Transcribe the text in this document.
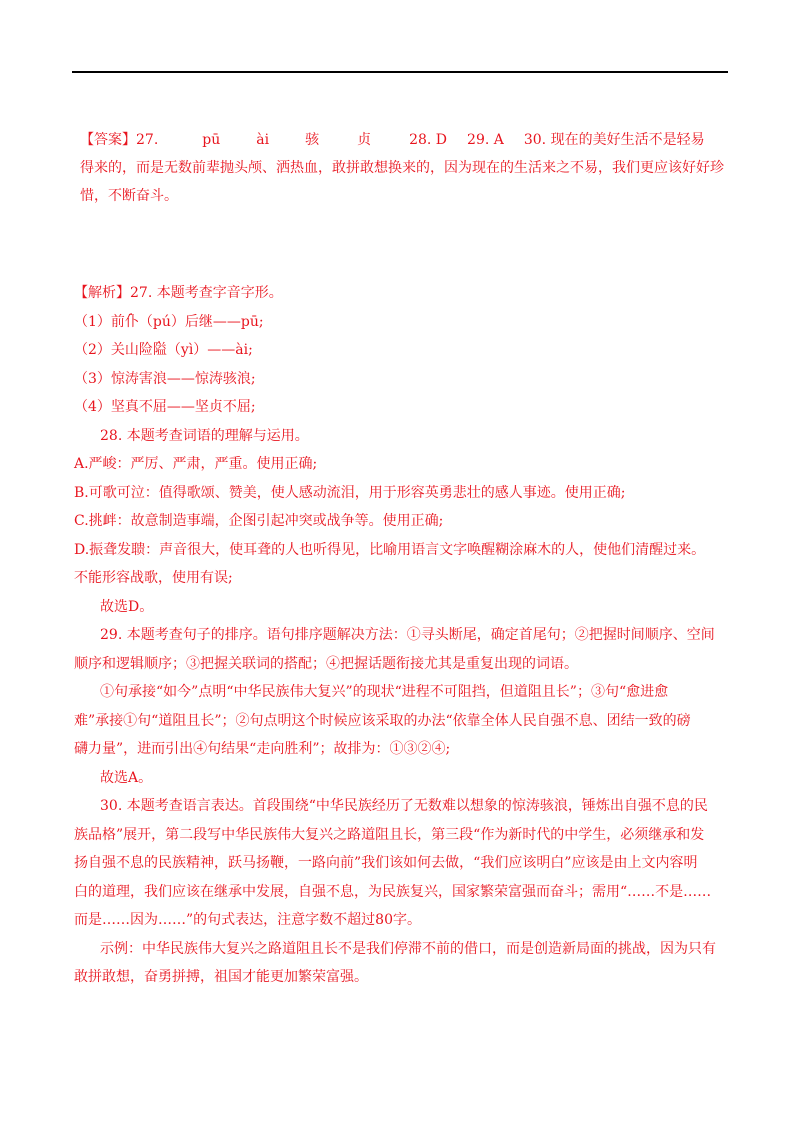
【答案】27.	pū	ài	骇	贞	28. D 29. A 30. 现在的美好生活不是轻易
得来的，而是无数前辈抛头颅、洒热血，敢拼敢想换来的，因为现在的生活来之不易，我们更应该好好珍
惜，不断奋斗。

【解析】27. 本题考查字音字形。

（1）前仆（pú）后继——pū;

（2）关山险隘（yì）——ài;

（3）惊涛害浪——惊涛骇浪;

（4）坚真不屈——坚贞不屈;

28. 本题考查词语的理解与运用。

A.严峻：严厉、严肃，严重。使用正确;

B.可歌可泣：值得歌颂、赞美，使人感动流泪，用于形容英勇悲壮的感人事迹。使用正确;

C.挑衅：故意制造事端，企图引起冲突或战争等。使用正确;

D.振聋发聩：声音很大，使耳聋的人也听得见，比喻用语言文字唤醒糊涂麻木的人，使他们清醒过来。

不能形容战歌，使用有误;

故选D。

29. 本题考查句子的排序。语句排序题解决方法：①寻头断尾，确定首尾句；②把握时间顺序、空间

顺序和逻辑顺序；③把握关联词的搭配；④把握话题衔接尤其是重复出现的词语。

①句承接“如今”点明“中华民族伟大复兴”的现状“进程不可阻挡，但道阻且长”；③句“愈进愈

难”承接①句“道阻且长”；②句点明这个时候应该采取的办法“依靠全体人民自强不息、团结一致的磅

礴力量”，进而引出④句结果“走向胜利”；故排为：①③②④;

故选A。

30. 本题考查语言表达。首段围绕“中华民族经历了无数难以想象的惊涛骇浪，锤炼出自强不息的民

族品格”展开，第二段写中华民族伟大复兴之路道阻且长，第三段“作为新时代的中学生，必须继承和发

扬自强不息的民族精神，跃马扬鞭，一路向前”我们该如何去做，“我们应该明白”应该是由上文内容明

白的道理，我们应该在继承中发展，自强不息，为民族复兴，国家繁荣富强而奋斗；需用“……不是……

而是……因为……”的句式表达，注意字数不超过80字。

示例：中华民族伟大复兴之路道阻且长不是我们停滞不前的借口，而是创造新局面的挑战，因为只有

敢拼敢想，奋勇拼搏，祖国才能更加繁荣富强。
